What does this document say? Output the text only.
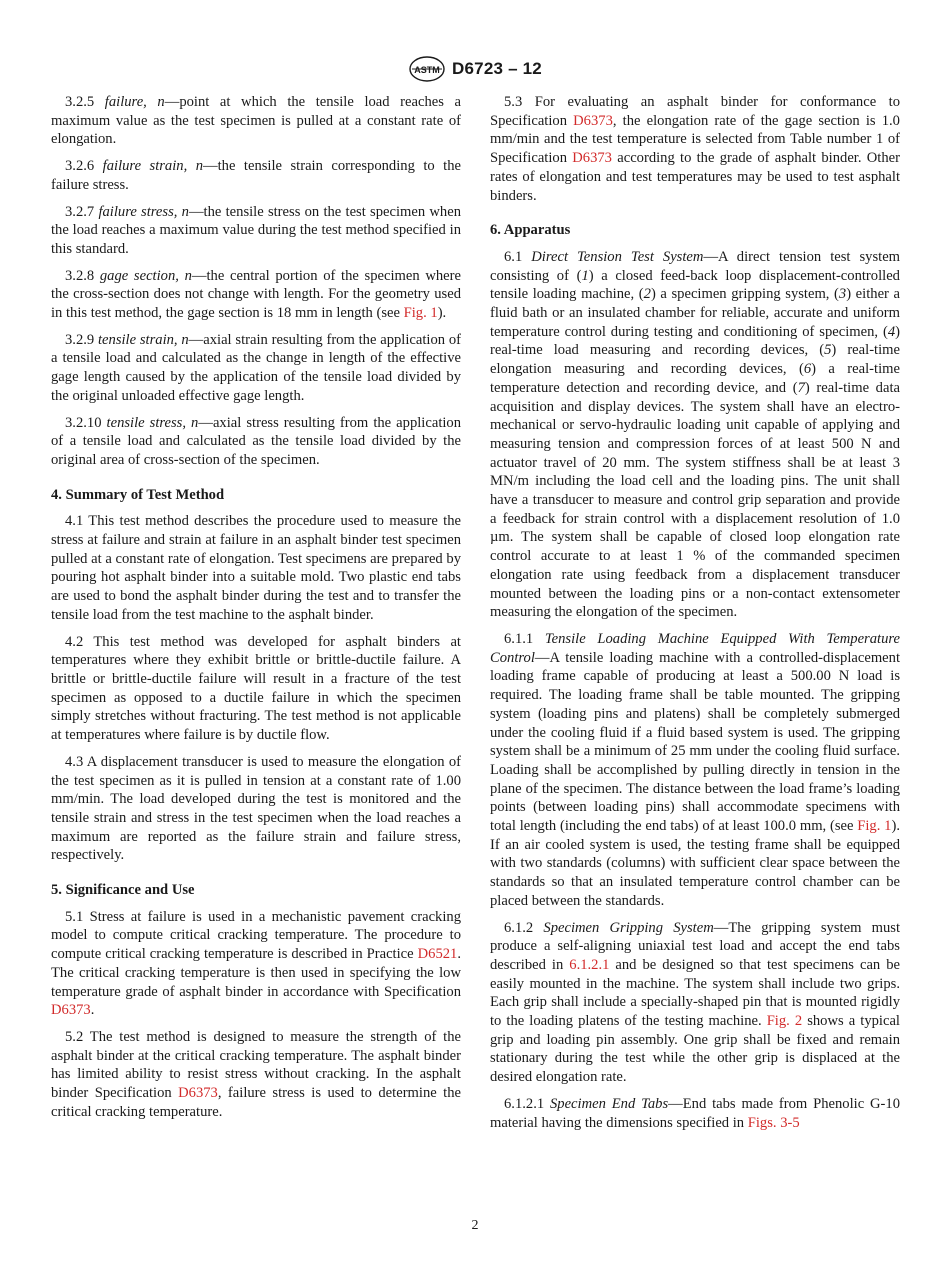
ASTM D6723 – 12

3.2.5 failure, n—point at which the tensile load reaches a maximum value as the test specimen is pulled at a constant rate of elongation.

3.2.6 failure strain, n—the tensile strain corresponding to the failure stress.

3.2.7 failure stress, n—the tensile stress on the test specimen when the load reaches a maximum value during the test method specified in this standard.

3.2.8 gage section, n—the central portion of the specimen where the cross-section does not change with length. For the geometry used in this test method, the gage section is 18 mm in length (see Fig. 1).

3.2.9 tensile strain, n—axial strain resulting from the application of a tensile load and calculated as the change in length of the effective gage length caused by the application of the tensile load divided by the original unloaded effective gage length.

3.2.10 tensile stress, n—axial stress resulting from the application of a tensile load and calculated as the tensile load divided by the original area of cross-section of the specimen.

4. Summary of Test Method

4.1 This test method describes the procedure used to measure the stress at failure and strain at failure in an asphalt binder test specimen pulled at a constant rate of elongation. Test specimens are prepared by pouring hot asphalt binder into a suitable mold. Two plastic end tabs are used to bond the asphalt binder during the test and to transfer the tensile load from the test machine to the asphalt binder.

4.2 This test method was developed for asphalt binders at temperatures where they exhibit brittle or brittle-ductile failure. A brittle or brittle-ductile failure will result in a fracture of the test specimen as opposed to a ductile failure in which the specimen simply stretches without fracturing. The test method is not applicable at temperatures where failure is by ductile flow.

4.3 A displacement transducer is used to measure the elongation of the test specimen as it is pulled in tension at a constant rate of 1.00 mm/min. The load developed during the test is monitored and the tensile strain and stress in the test specimen when the load reaches a maximum are reported as the failure strain and failure stress, respectively.

5. Significance and Use

5.1 Stress at failure is used in a mechanistic pavement cracking model to compute critical cracking temperature. The procedure to compute critical cracking temperature is described in Practice D6521. The critical cracking temperature is then used in specifying the low temperature grade of asphalt binder in accordance with Specification D6373.

5.2 The test method is designed to measure the strength of the asphalt binder at the critical cracking temperature. The asphalt binder has limited ability to resist stress without cracking. In the asphalt binder Specification D6373, failure stress is used to determine the critical cracking temperature.

5.3 For evaluating an asphalt binder for conformance to Specification D6373, the elongation rate of the gage section is 1.0 mm/min and the test temperature is selected from Table number 1 of Specification D6373 according to the grade of asphalt binder. Other rates of elongation and test temperatures may be used to test asphalt binders.

6. Apparatus

6.1 Direct Tension Test System—A direct tension test system consisting of (1) a closed feed-back loop displacement-controlled tensile loading machine, (2) a specimen gripping system, (3) either a fluid bath or an insulated chamber for reliable, accurate and uniform temperature control during testing and conditioning of specimen, (4) real-time load measuring and recording devices, (5) real-time elongation measuring and recording devices, (6) a real-time temperature detection and recording device, and (7) real-time data acquisition and display devices. The system shall have an electro-mechanical or servo-hydraulic loading unit capable of applying and measuring tension and compression forces of at least 500 N and actuator travel of 20 mm. The system stiffness shall be at least 3 MN/m including the load cell and the loading pins. The unit shall have a transducer to measure and control grip separation and provide a feedback for strain control with a displacement resolution of 1.0 µm. The system shall be capable of closed loop elongation rate control accurate to at least 1 % of the commanded specimen elongation rate using feedback from a displacement transducer mounted between the loading pins or a non-contact extensometer measuring the elongation of the specimen.

6.1.1 Tensile Loading Machine Equipped With Temperature Control—A tensile loading machine with a controlled-displacement loading frame capable of producing at least a 500.00 N load is required. The loading frame shall be table mounted. The gripping system (loading pins and platens) shall be completely submerged under the cooling fluid if a fluid based system is used. The gripping system shall be a minimum of 25 mm under the cooling fluid surface. Loading shall be accomplished by pulling directly in tension in the plane of the specimen. The distance between the load frame’s loading points (between loading pins) shall accommodate specimens with total length (including the end tabs) of at least 100.0 mm, (see Fig. 1). If an air cooled system is used, the testing frame shall be equipped with two standards (columns) with sufficient clear space between the standards so that an insulated temperature control chamber can be placed between the standards.

6.1.2 Specimen Gripping System—The gripping system must produce a self-aligning uniaxial test load and accept the end tabs described in 6.1.2.1 and be designed so that test specimens can be easily mounted in the machine. The system shall include two grips. Each grip shall include a specially-shaped pin that is mounted rigidly to the loading platens of the testing machine. Fig. 2 shows a typical grip and loading pin assembly. One grip shall be fixed and remain stationary during the test while the other grip is displaced at the desired elongation rate.

6.1.2.1 Specimen End Tabs—End tabs made from Phenolic G-10 material having the dimensions specified in Figs. 3-5

2
